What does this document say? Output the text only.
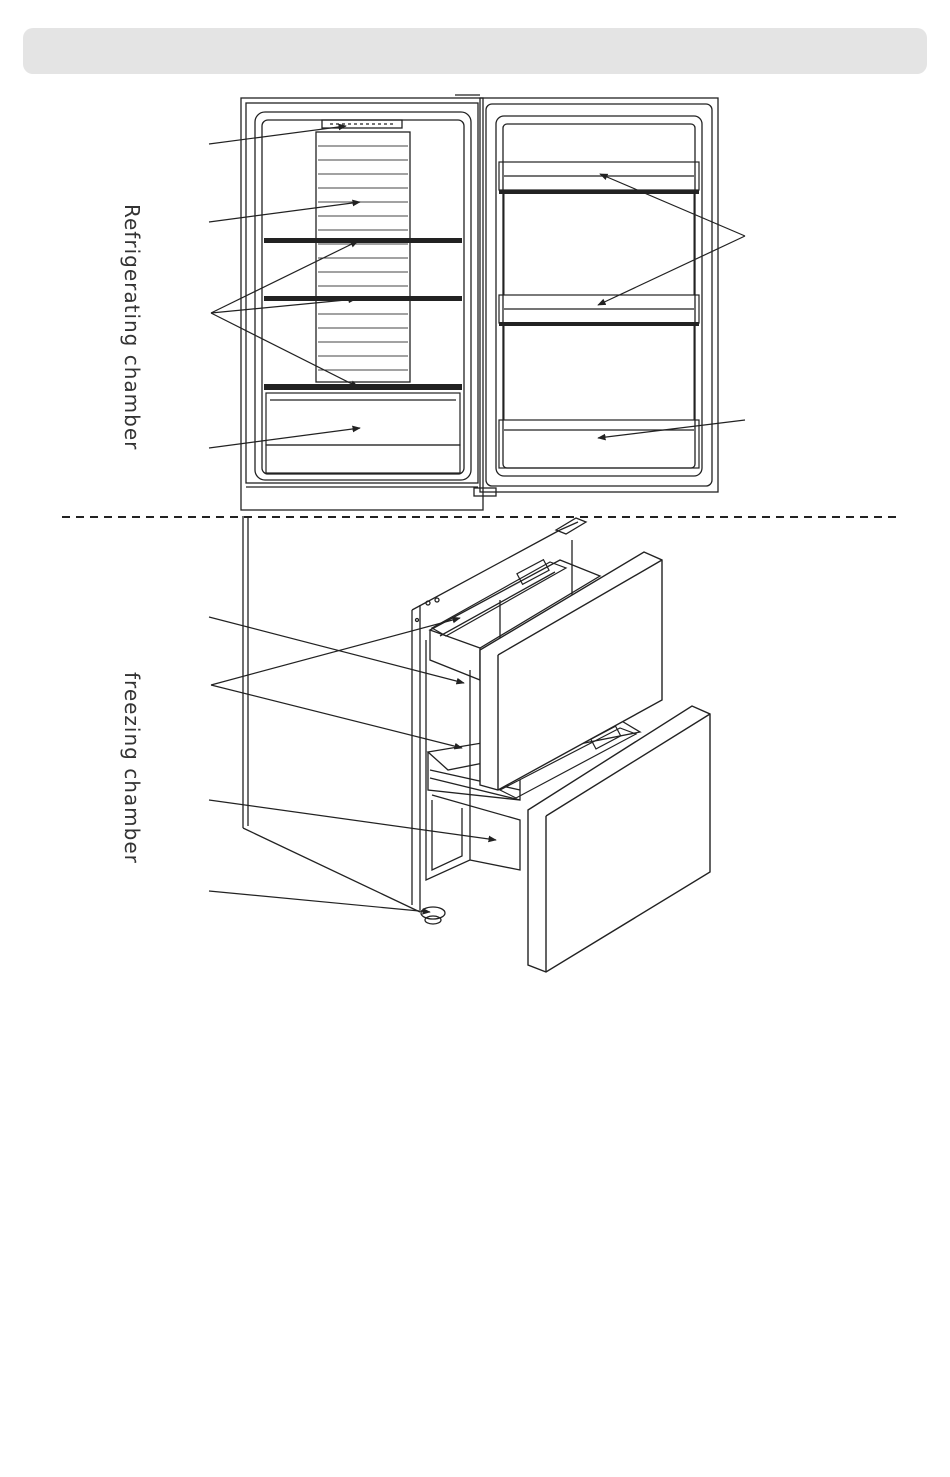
Refrigerating chamber
freezing chamber
